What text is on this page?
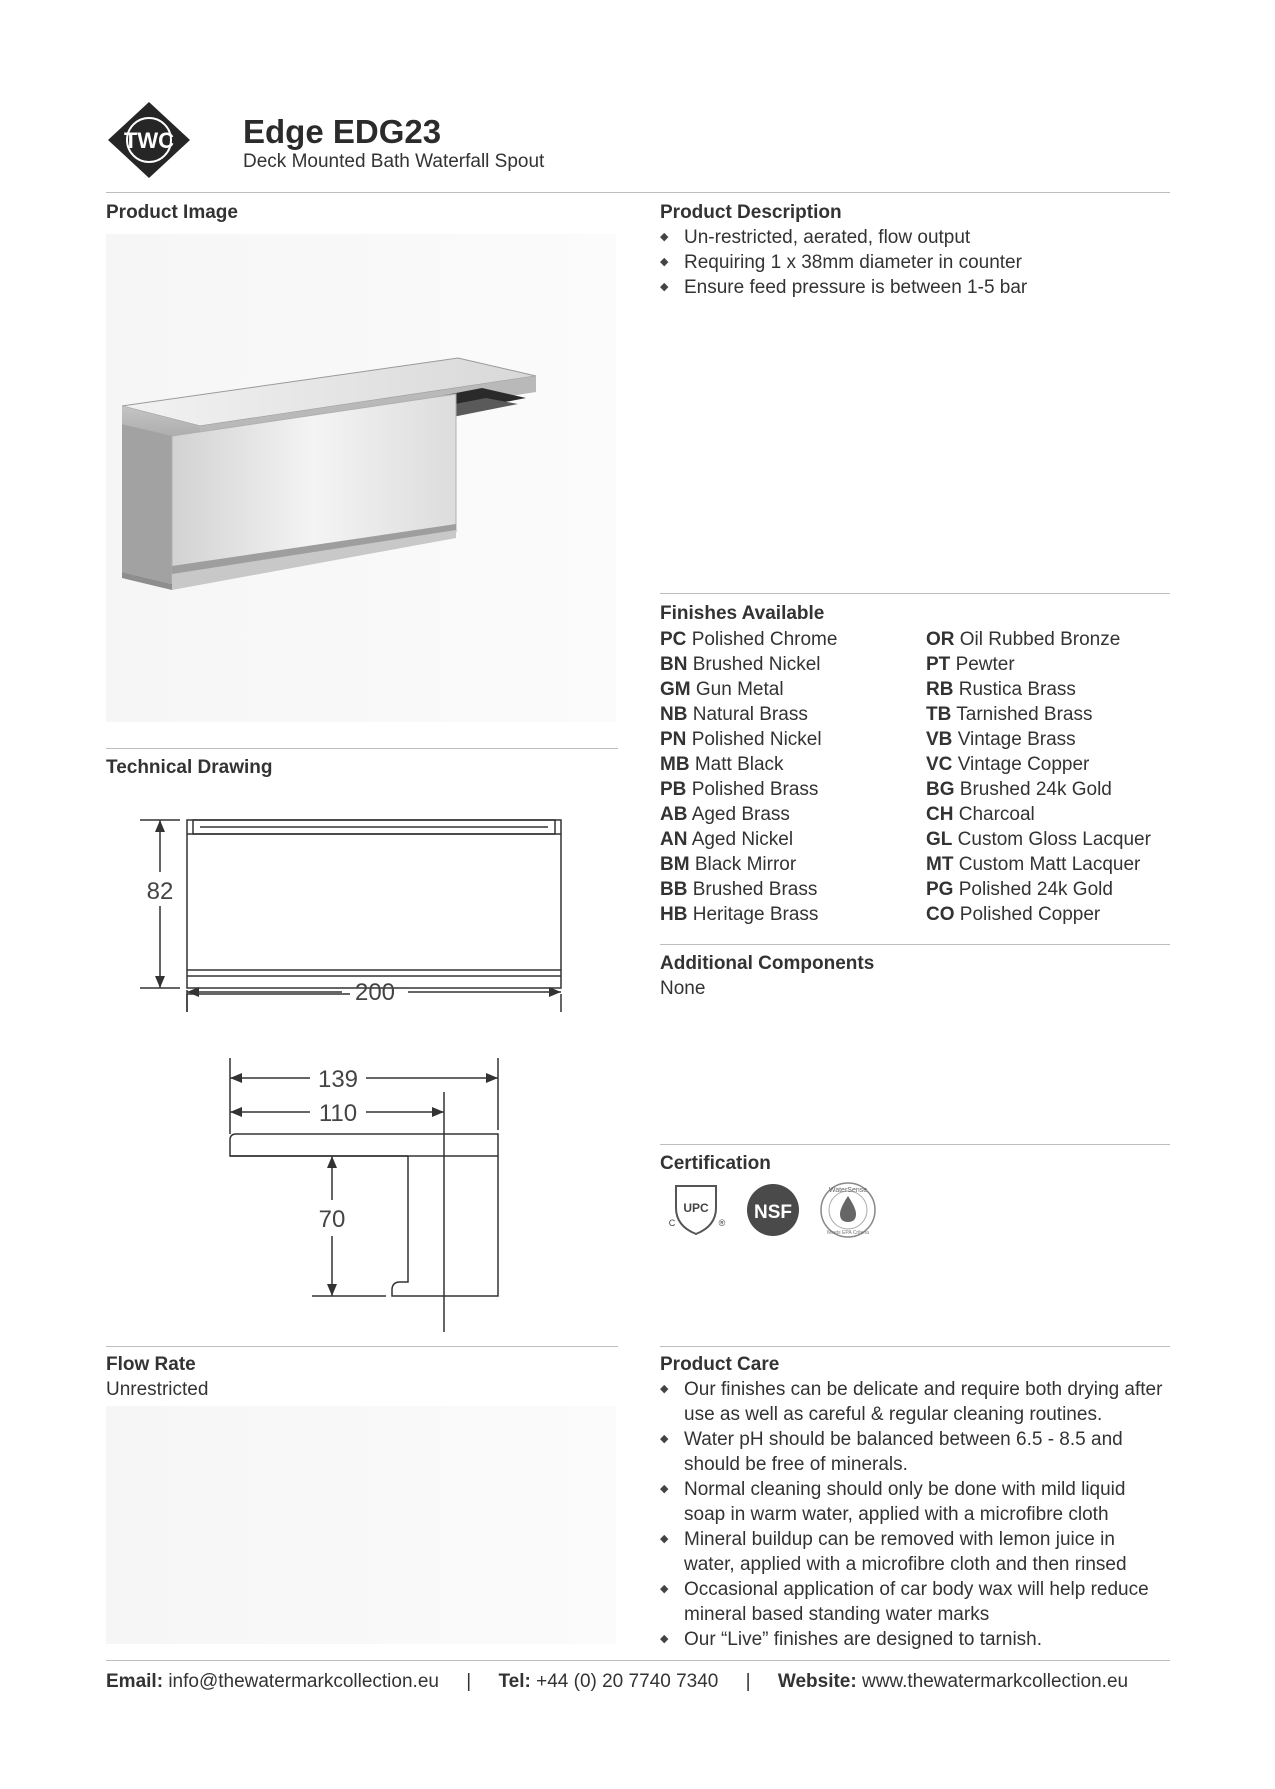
TWC Edge EDG23
Deck Mounted Bath Waterfall Spout
Product Image
Technical Drawing
82
200
139
110
70
Flow Rate
Unrestricted
Product Description
◆ Un-restricted, aerated, flow output
◆ Requiring 1 x 38mm diameter in counter
◆ Ensure feed pressure is between 1-5 bar
Finishes Available
PC Polished Chrome
BN Brushed Nickel
GM Gun Metal
NB Natural Brass
PN Polished Nickel
MB Matt Black
PB Polished Brass
AB Aged Brass
AN Aged Nickel
BM Black Mirror
BB Brushed Brass
HB Heritage Brass
OR Oil Rubbed Bronze
PT Pewter
RB Rustica Brass
TB Tarnished Brass
VB Vintage Brass
VC Vintage Copper
BG Brushed 24k Gold
CH Charcoal
GL Custom Gloss Lacquer
MT Custom Matt Lacquer
PG Polished 24k Gold
CO Polished Copper
Additional Components
None
Certification
UPC
C	® NSF
WaterSense
Meets EPA Criteria
Product Care
◆ Our finishes can be delicate and require both drying after use as well as careful & regular cleaning routines.
◆ Water pH should be balanced between 6.5 - 8.5 and should be free of minerals.
◆ Normal cleaning should only be done with mild liquid soap in warm water, applied with a microfibre cloth
◆ Mineral buildup can be removed with lemon juice in water, applied with a microfibre cloth and then rinsed
◆ Occasional application of car body wax will help reduce mineral based standing water marks
◆ Our “Live” finishes are designed to tarnish.
Email: info@thewatermarkcollection.eu | Tel: +44 (0) 20 7740 7340 | Website: www.thewatermarkcollection.eu
